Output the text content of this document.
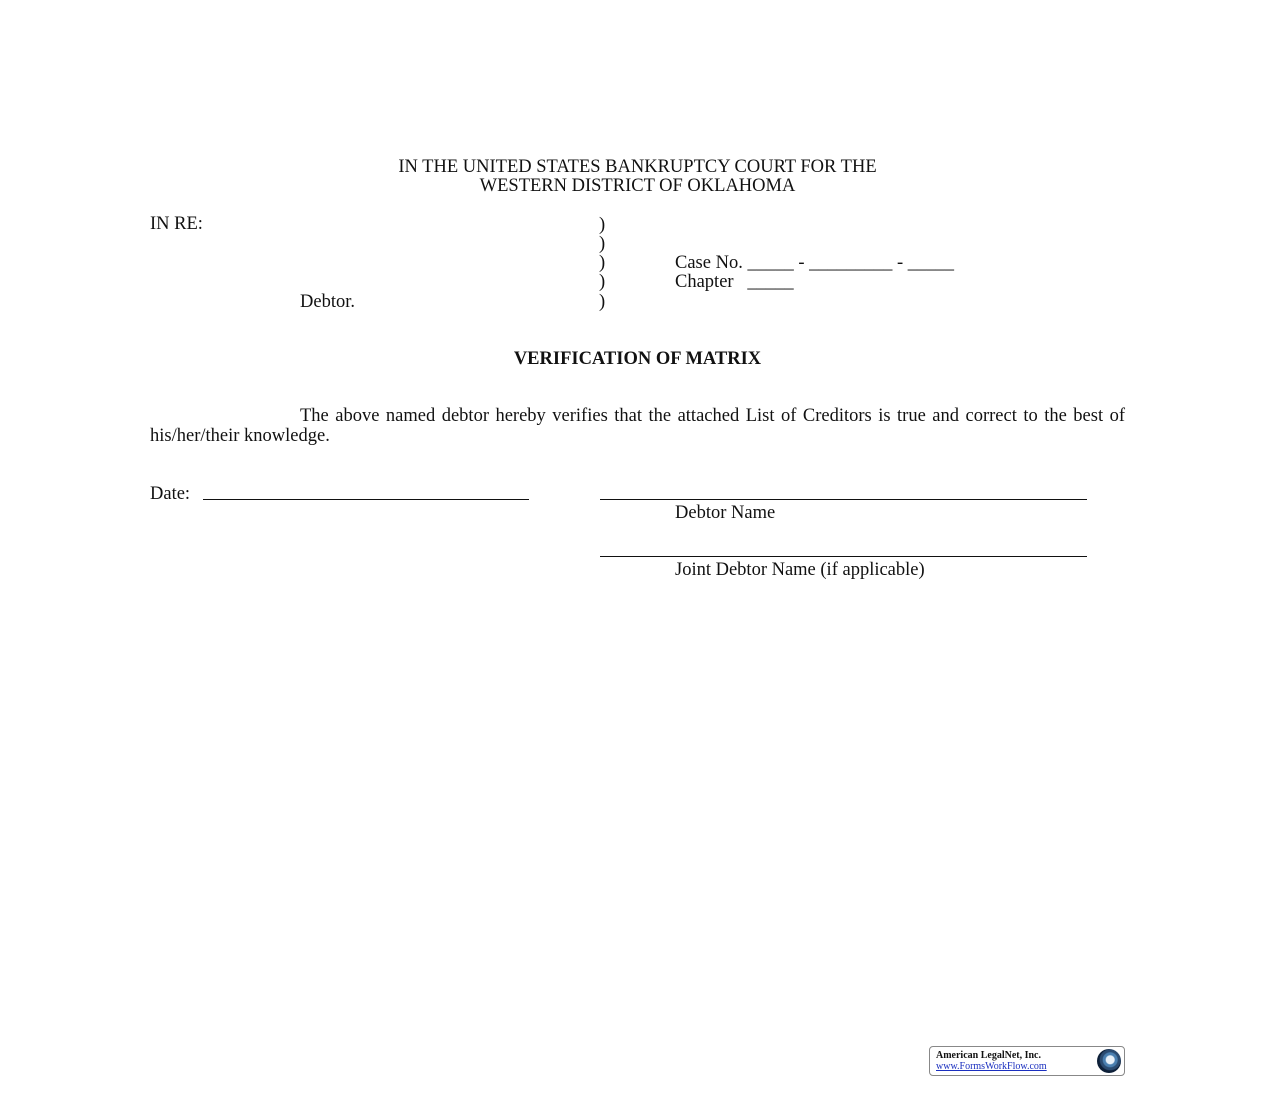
IN THE UNITED STATES BANKRUPTCY COURT FOR THE
WESTERN DISTRICT OF OKLAHOMA
IN RE:
Debtor.
)
)
)
)
)
Case No. _____ - _________ - _____
Chapter   _____
VERIFICATION OF MATRIX
The above named debtor hereby verifies that the attached List of Creditors is true and correct to the best of his/her/their knowledge.
Date:
Debtor Name
Joint Debtor Name (if applicable)
American LegalNet, Inc.
www.FormsWorkFlow.com
